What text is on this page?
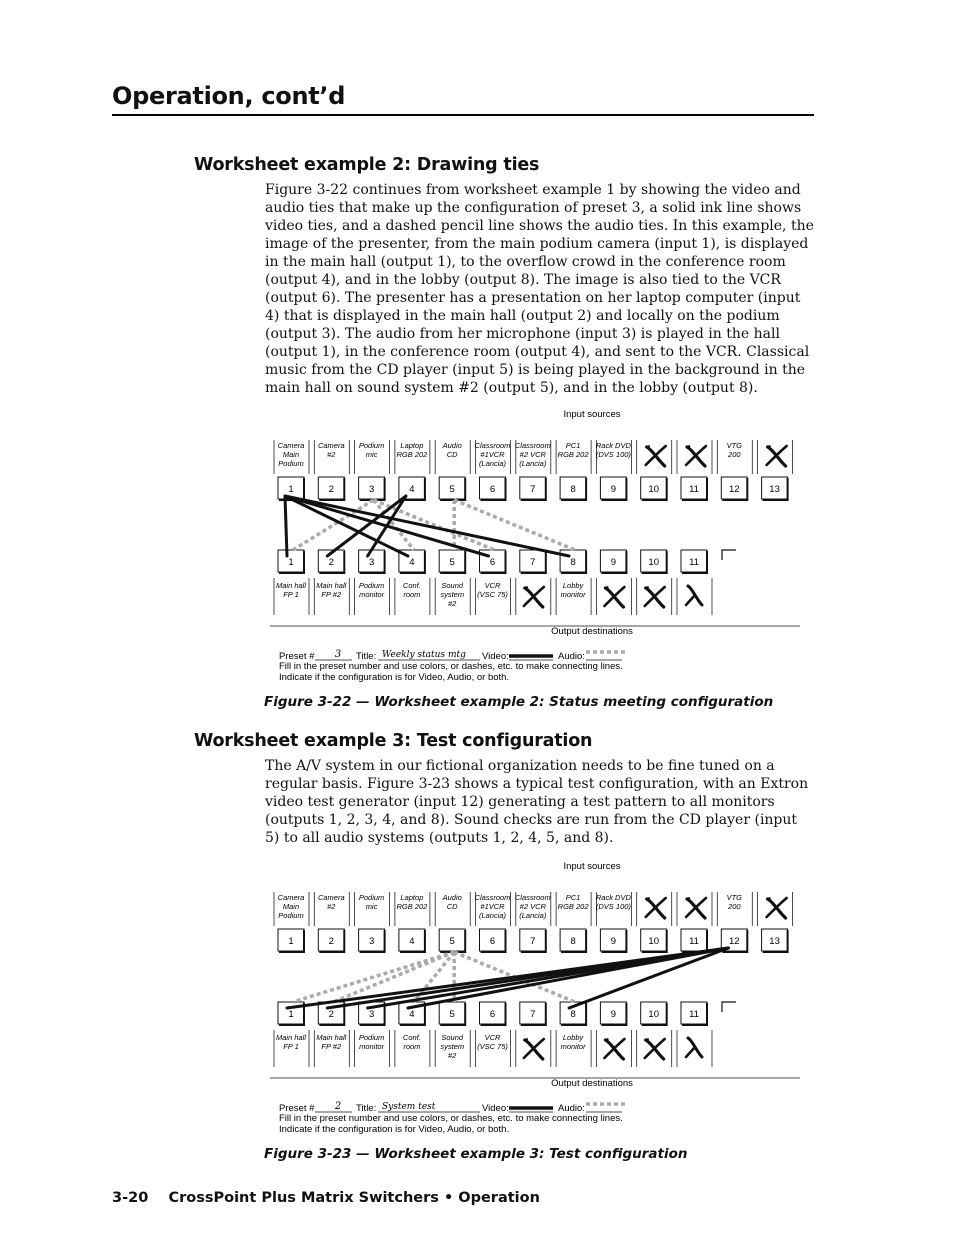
Operation, cont’d
Worksheet example 2: Drawing ties
Figure 3-22 continues from worksheet example 1 by showing the video and audio ties that make up the configuration of preset 3, a solid ink line shows video ties, and a dashed pencil line shows the audio ties. In this example, the image of the presenter, from the main podium camera (input 1), is displayed in the main hall (output 1), to the overflow crowd in the conference room (output 4), and in the lobby (output 8). The image is also tied to the VCR (output 6). The presenter has a presentation on her laptop computer (input 4) that is displayed in the main hall (output 2) and locally on the podium (output 3). The audio from her microphone (input 3) is played in the hall (output 1), in the conference room (output 4), and sent to the VCR. Classical music from the CD player (input 5) is being played in the background in the main hall on sound system #2 (output 5), and in the lobby (output 8).
Input sources
Camera
Main
Podium
1
Camera
#2
2
Podium
mic
3
Laptop
RGB 202
4
Audio
CD
5
Classroom
#1VCR
(Lancia)
6
Classroom
#2 VCR
(Lancia)
7
PC1
RGB 202
8
Rack DVD
(DVS 100)
9	10	11
VTG
200
12	13
1
Main hall
FP 1
2
Main hall
FP #2
3
Podium
monitor
4
Conf.
room
5
Sound
system
#2
6
VCR
(VSC 75)
7	8
Lobby
monitor
9	10	11
Output destinations
Preset # 3 Title: Weekly status mtg Video:	Audio:
Fill in the preset number and use colors, or dashes, etc. to make connecting lines.
Indicate if the configuration is for Video, Audio, or both.
Figure 3-22 — Worksheet example 2: Status meeting configuration
Worksheet example 3: Test configuration
The A/V system in our fictional organization needs to be fine tuned on a regular basis. Figure 3-23 shows a typical test configuration, with an Extron video test generator (input 12) generating a test pattern to all monitors (outputs 1, 2, 3, 4, and 8). Sound checks are run from the CD player (input 5) to all audio systems (outputs 1, 2, 4, 5, and 8).
Input sources
Camera
Main
Podium
1
Camera
#2
2
Podium
mic
3
Laptop
RGB 202
4
Audio
CD
5
Classroom
#1VCR
(Lancia)
6
Classroom
#2 VCR
(Lancia)
7
PC1
RGB 202
8
Rack DVD
(DVS 100)
9	10	11
VTG
200
12	13
1
Main hall
FP 1
2
Main hall
FP #2
3
Podium
monitor
4
Conf.
room
5
Sound
system
#2
6
VCR
(VSC 75)
7	8
Lobby
monitor
9	10	11
Output destinations
Preset # 2 Title: System test	Video:	Audio:
Fill in the preset number and use colors, or dashes, etc. to make connecting lines.
Indicate if the configuration is for Video, Audio, or both.
Figure 3-23 — Worksheet example 3: Test configuration
3-20    CrossPoint Plus Matrix Switchers • Operation
